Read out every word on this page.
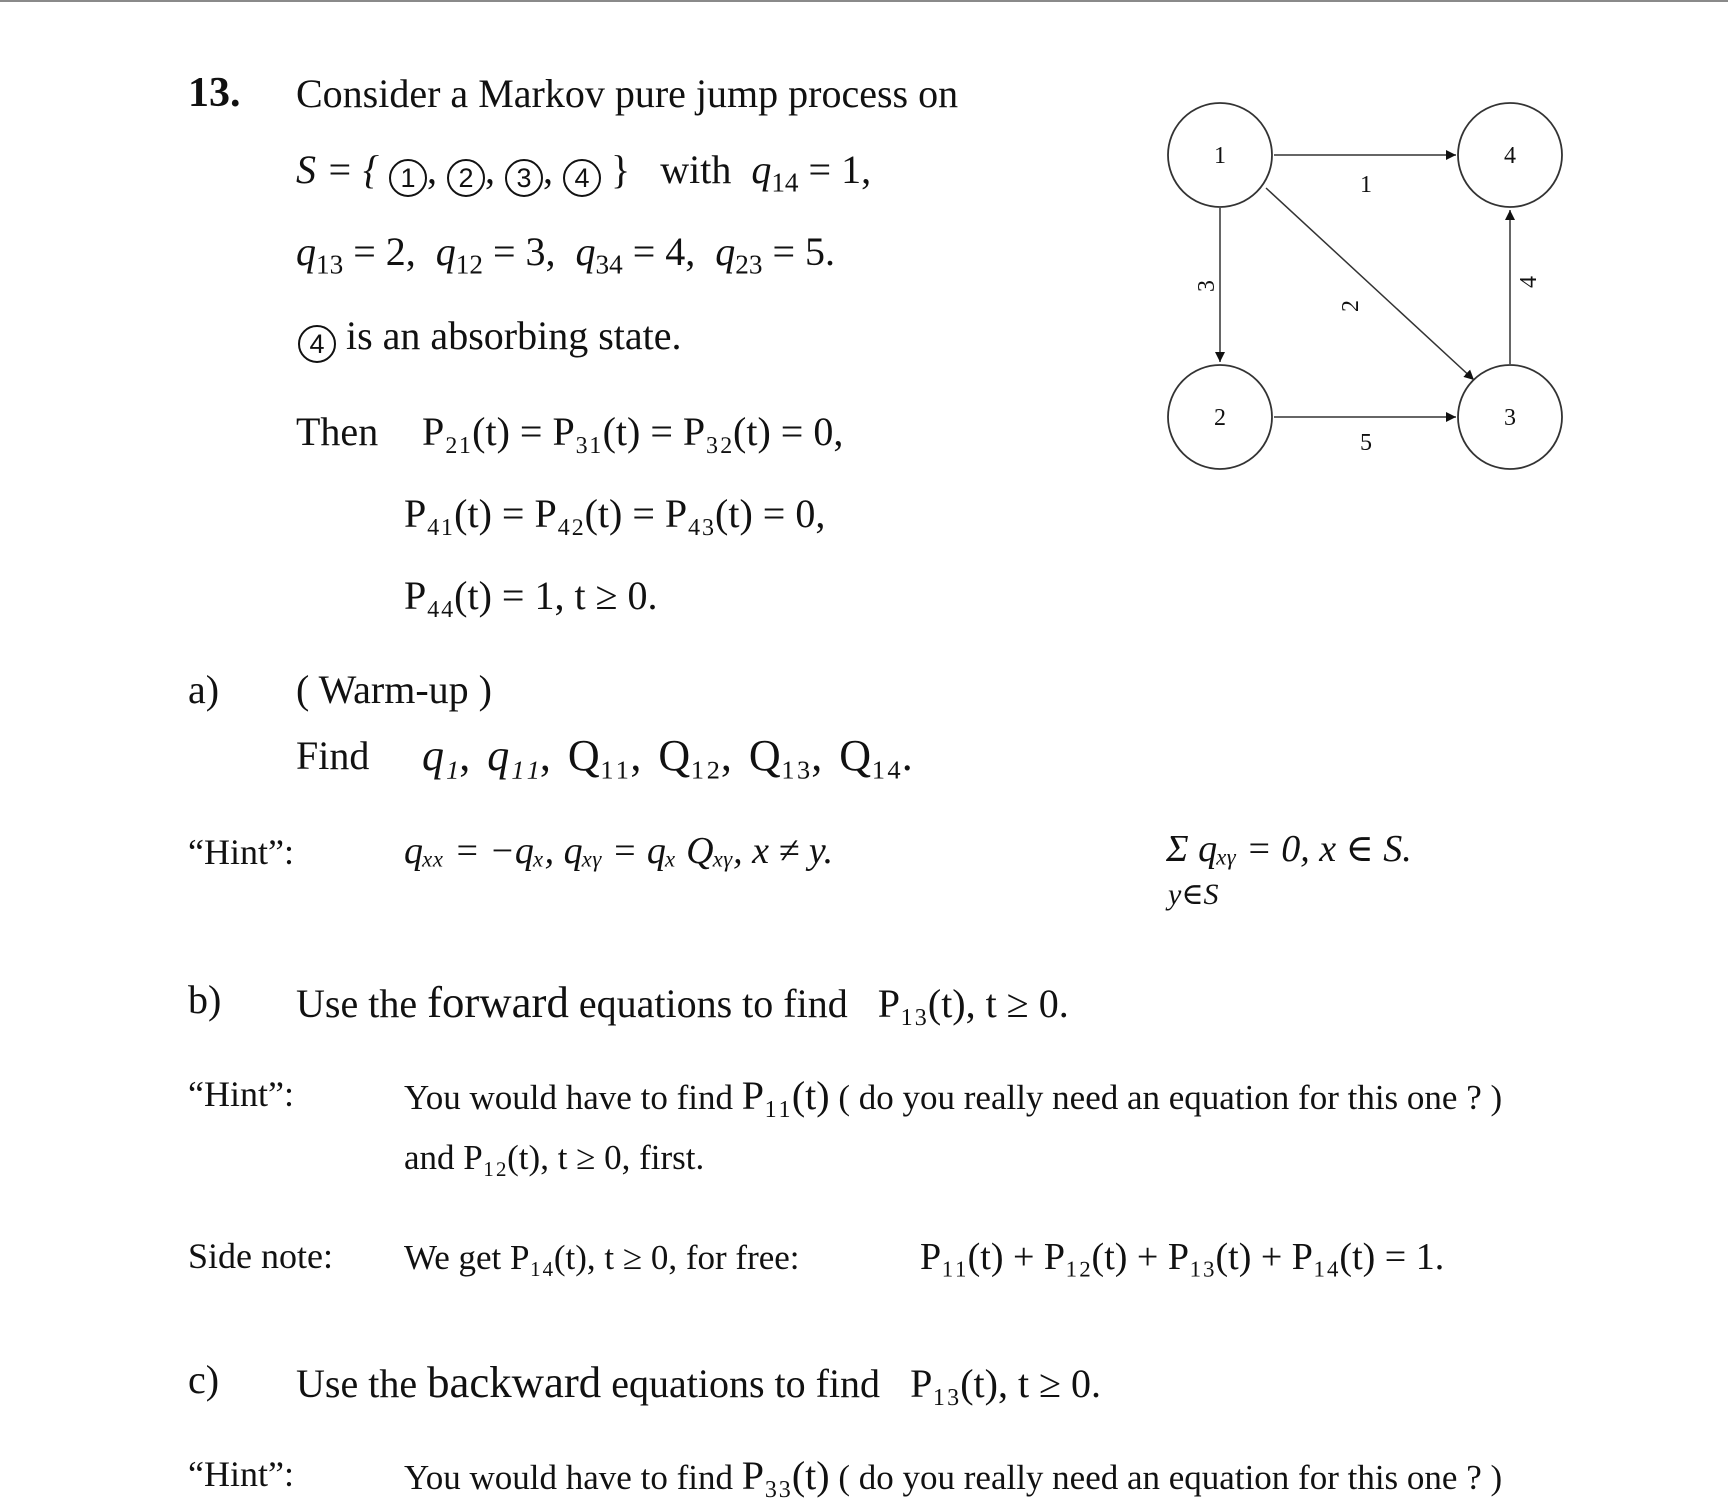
13. Consider a Markov pure jump process on
S = { 1 , 2 , 3 , 4 } with $q_{14} = 1$,
$q_{13} = 2$, $q_{12} = 3$, $q_{34} = 4$, $q_{23} = 5$.
4 is an absorbing state.
Then P₂₁(t) = P₃₁(t) = P₃₂(t) = 0,
P₄₁(t) = P₄₂(t) = P₄₃(t) = 0,
P₄₄(t) = 1, t ≥ 0.
1
2	3
4
1
2
3	4
5
a) ( Warm-up )
Find q₁, q₁₁, Q₁₁, Q₁₂, Q₁₃, Q₁₄.
“Hint”:	qₓₓ = −qₓ, qₓᵧ = qₓ Qₓᵧ, x ≠ y.	Σ qₓᵧ = 0, x ∈ S.
y∈S
b) Use the forward equations to find P₁₃(t), t ≥ 0.
“Hint”:	You would have to find P₁₁(t) ( do you really need an equation for this one ? )
and P₁₂(t), t ≥ 0, first.
Side note: We get P₁₄(t), t ≥ 0, for free:	P₁₁(t) + P₁₂(t) + P₁₃(t) + P₁₄(t) = 1.
c) Use the backward equations to find P₁₃(t), t ≥ 0.
“Hint”:	You would have to find P₃₃(t) ( do you really need an equation for this one ? )
